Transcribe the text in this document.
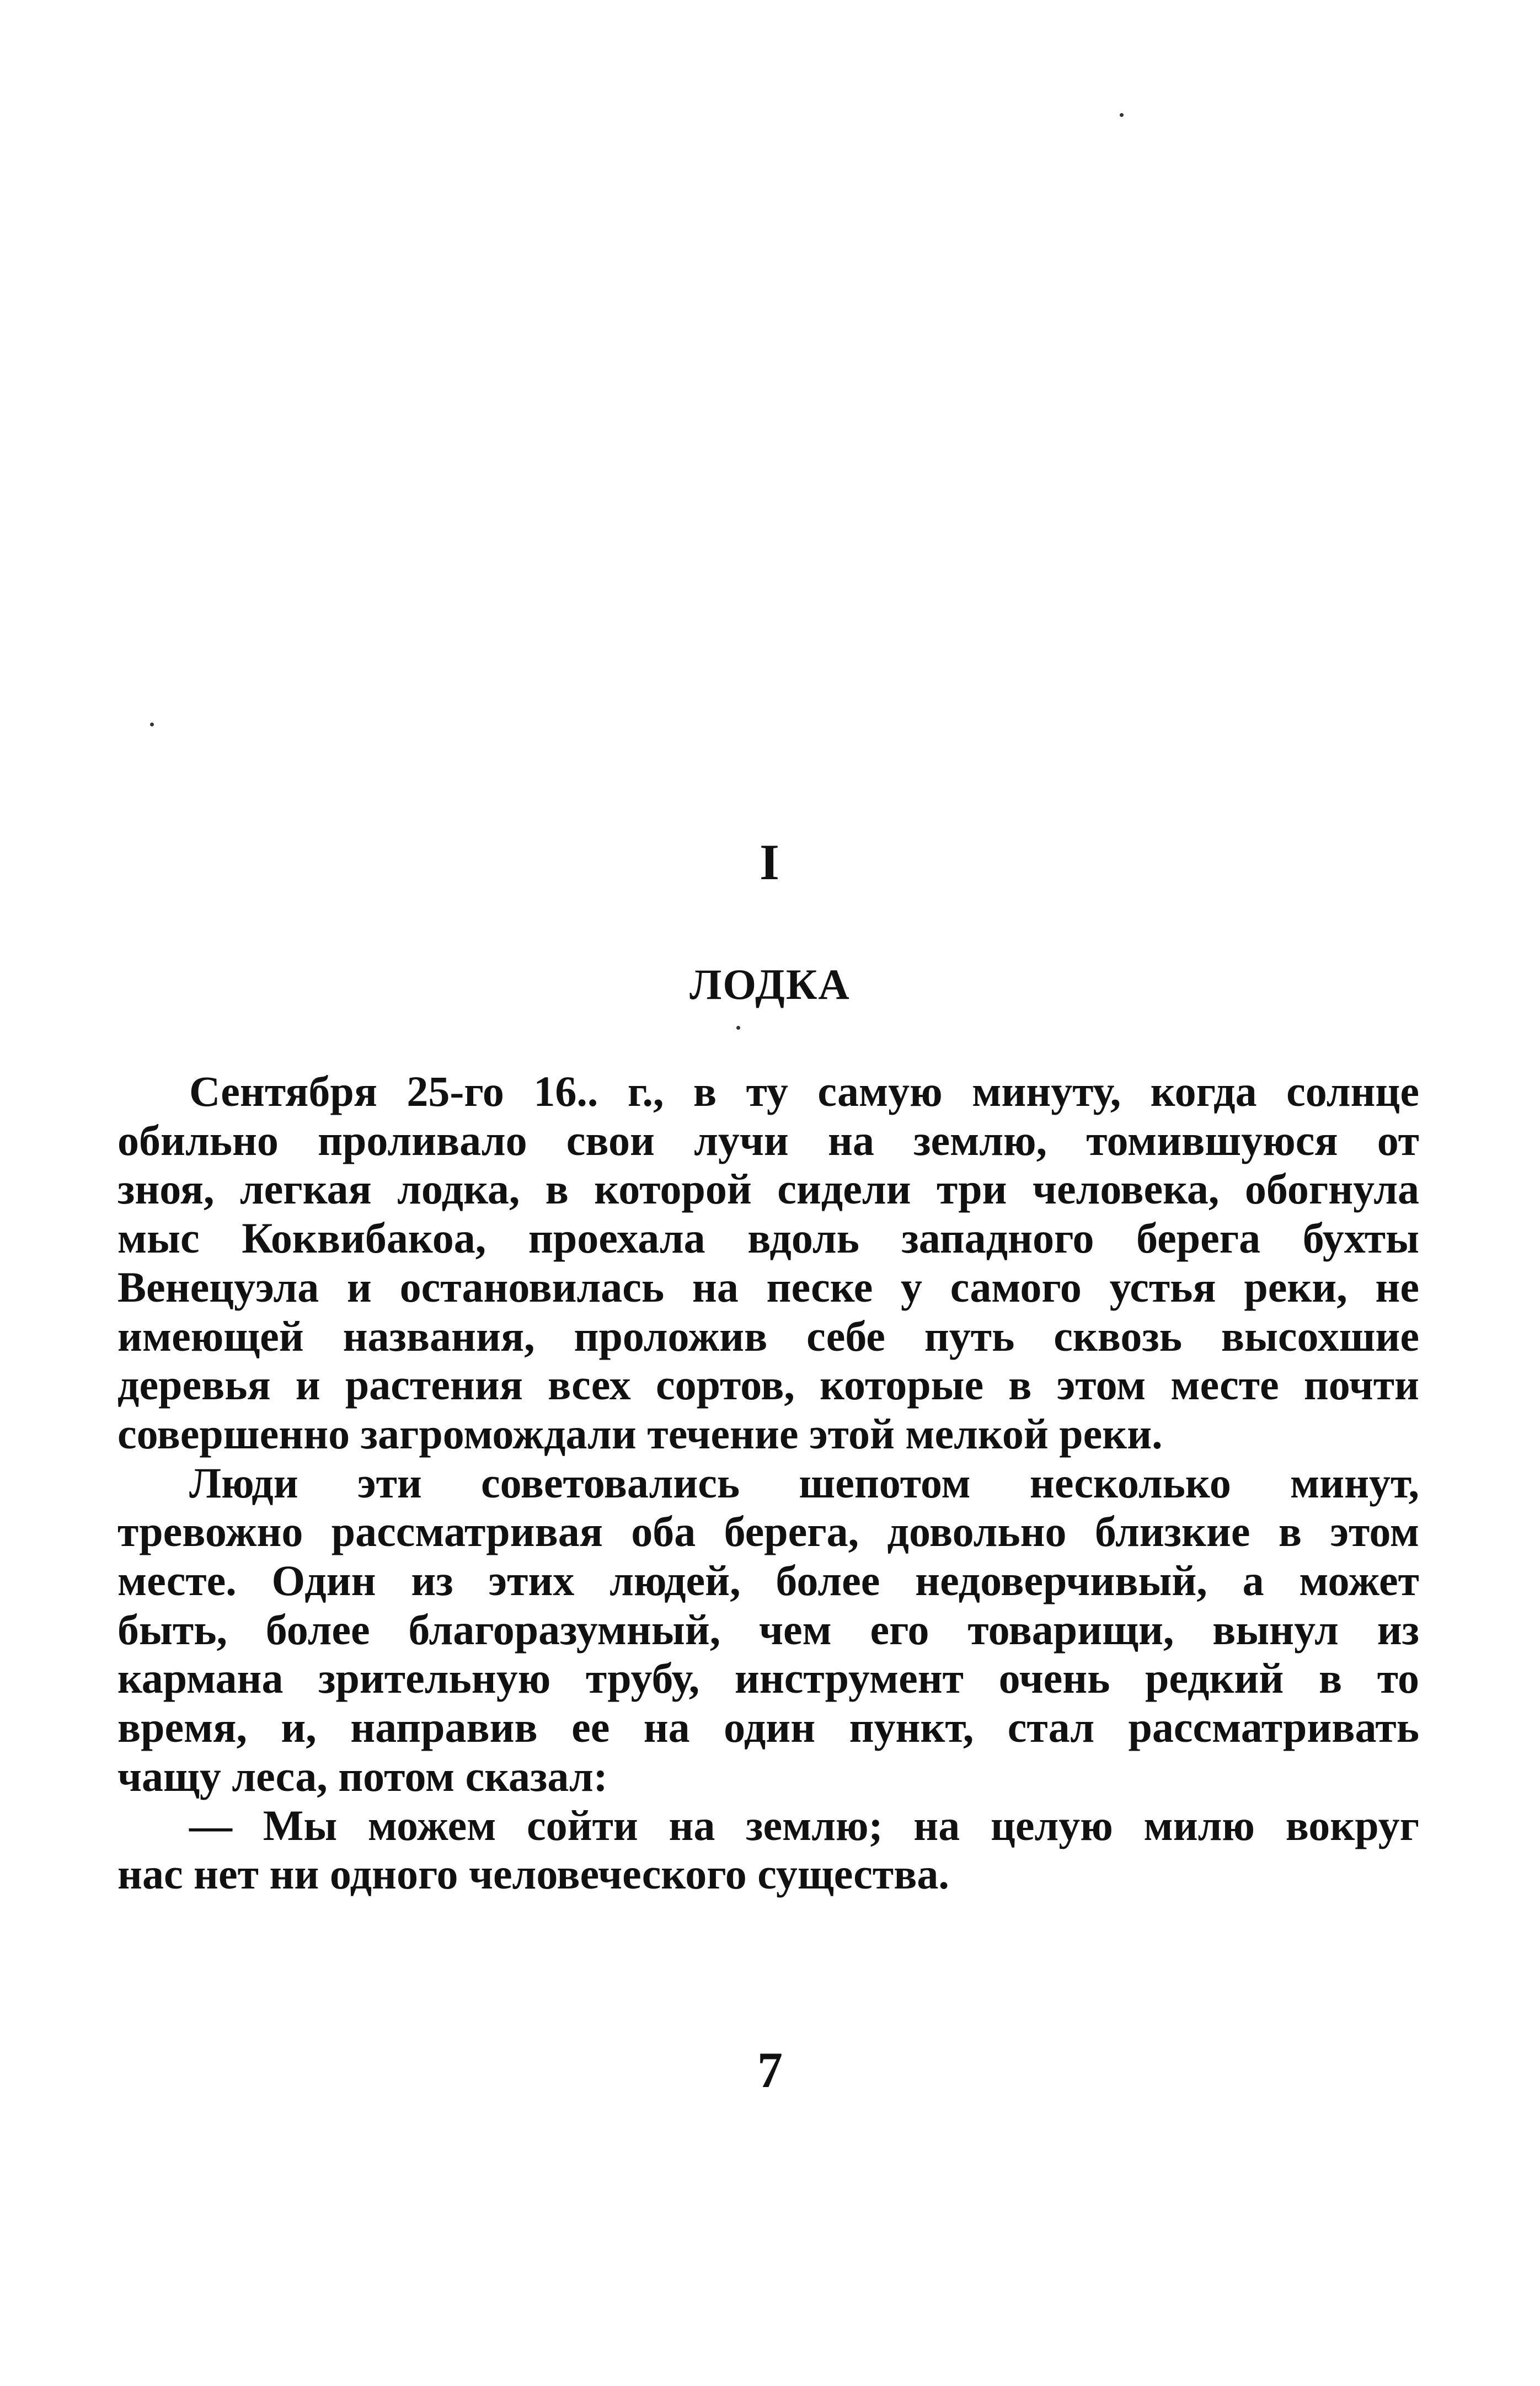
I
ЛОДКА
Сентября 25-го 16.. г., в ту самую минуту, когда солнце
обильно проливало свои лучи на землю, томившуюся от
зноя, легкая лодка, в которой сидели три человека, обогнула
мыс Коквибакоа, проехала вдоль западного берега бухты
Венецуэла и остановилась на песке у самого устья реки, не
имеющей названия, проложив себе путь сквозь высохшие
деревья и растения всех сортов, которые в этом месте почти
совершенно загромождали течение этой мелкой реки.
Люди эти советовались шепотом несколько минут,
тревожно рассматривая оба берега, довольно близкие в этом
месте. Один из этих людей, более недоверчивый, а может
быть, более благоразумный, чем его товарищи, вынул из
кармана зрительную трубу, инструмент очень редкий в то
время, и, направив ее на один пункт, стал рассматривать
чащу леса, потом сказал:
— Мы можем сойти на землю; на целую милю вокруг
нас нет ни одного человеческого существа.
7
